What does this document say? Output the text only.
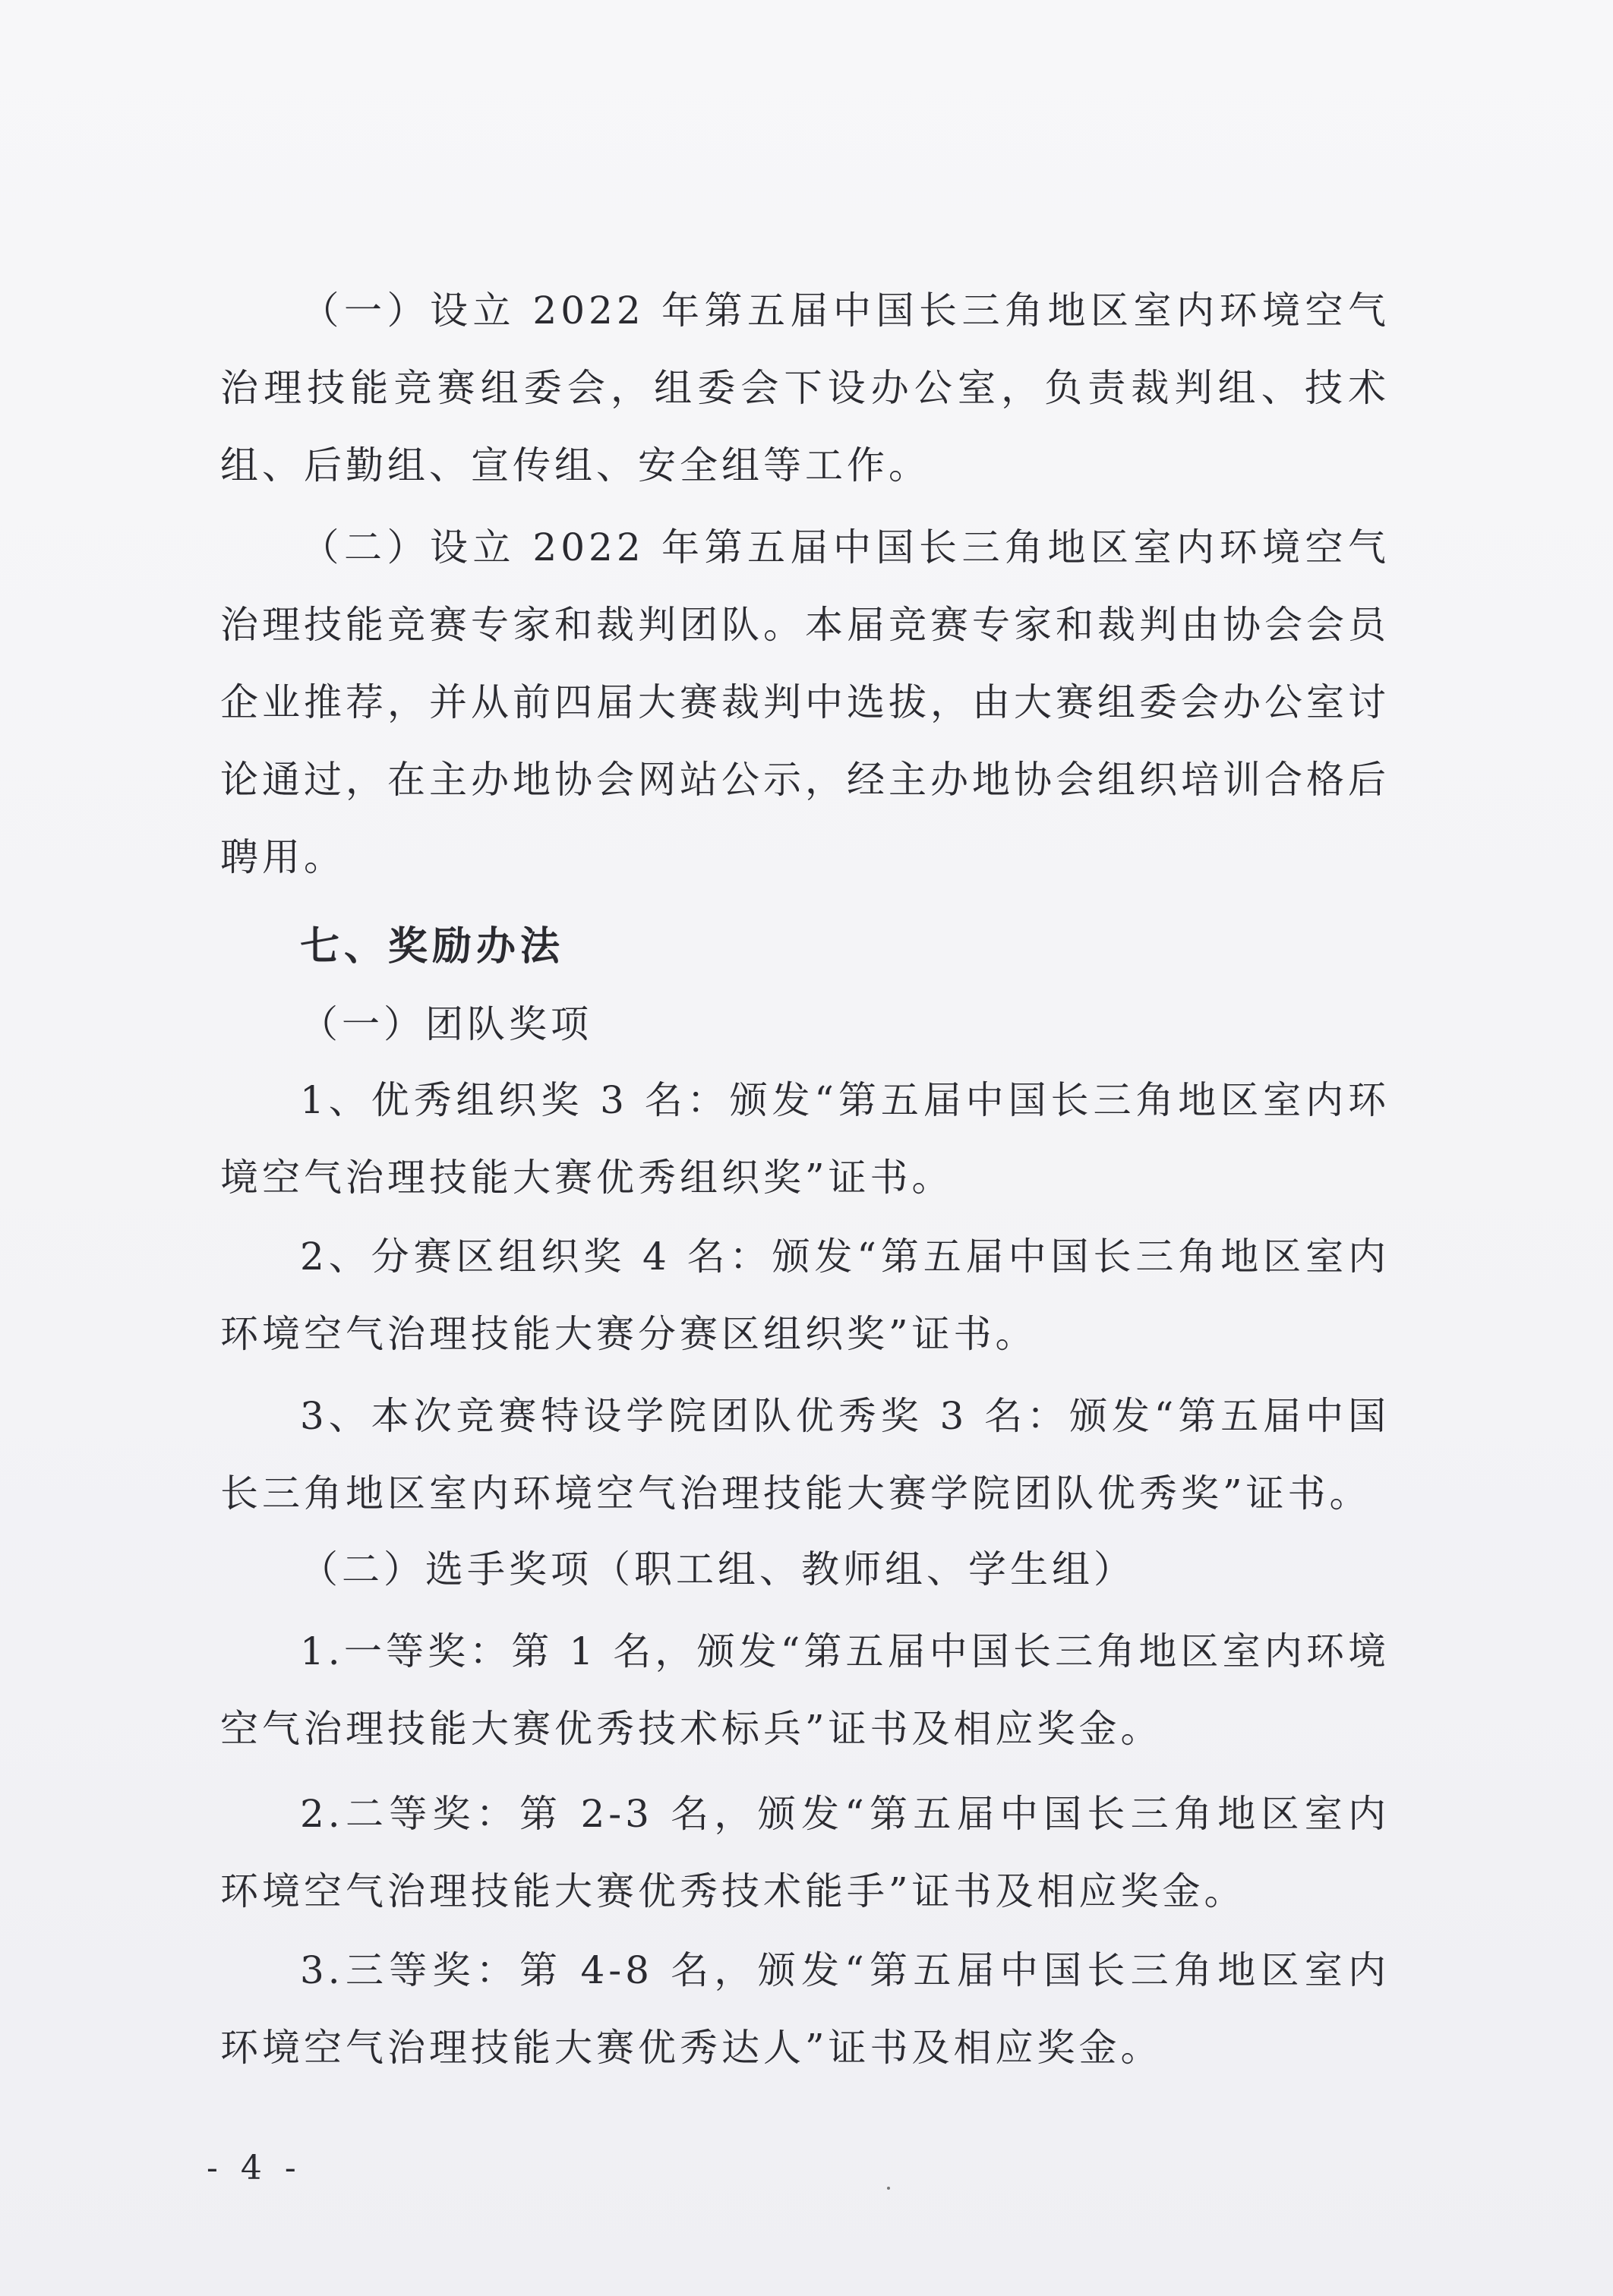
（一）设立 2022 年第五届中国长三角地区室内环境空气治理技能竞赛组委会，组委会下设办公室，负责裁判组、技术组、后勤组、宣传组、安全组等工作。

（二）设立 2022 年第五届中国长三角地区室内环境空气治理技能竞赛专家和裁判团队。本届竞赛专家和裁判由协会会员企业推荐，并从前四届大赛裁判中选拔，由大赛组委会办公室讨论通过，在主办地协会网站公示，经主办地协会组织培训合格后聘用。

七、奖励办法

（一）团队奖项

1、优秀组织奖 3 名：颁发“第五届中国长三角地区室内环境空气治理技能大赛优秀组织奖”证书。

2、分赛区组织奖 4 名：颁发“第五届中国长三角地区室内环境空气治理技能大赛分赛区组织奖”证书。

3、本次竞赛特设学院团队优秀奖 3 名：颁发“第五届中国长三角地区室内环境空气治理技能大赛学院团队优秀奖”证书。

（二）选手奖项（职工组、教师组、学生组）

1.一等奖：第 1 名，颁发“第五届中国长三角地区室内环境空气治理技能大赛优秀技术标兵”证书及相应奖金。

2.二等奖：第 2-3 名，颁发“第五届中国长三角地区室内环境空气治理技能大赛优秀技术能手”证书及相应奖金。

3.三等奖：第 4-8 名，颁发“第五届中国长三角地区室内环境空气治理技能大赛优秀达人”证书及相应奖金。

- 4 -
